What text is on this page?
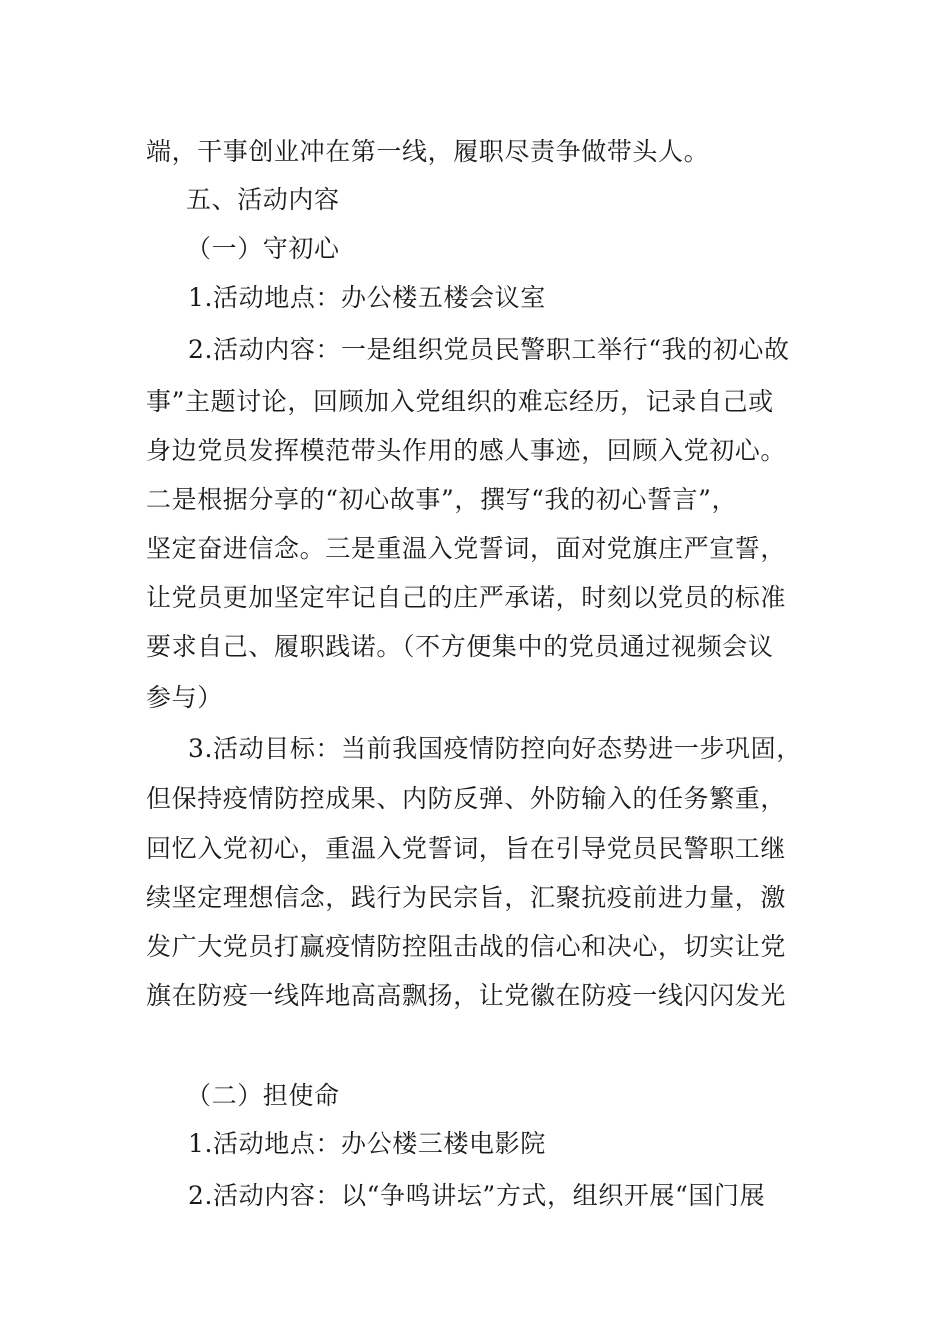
端，干事创业冲在第一线，履职尽责争做带头人。
五、活动内容
（一）守初心
1.活动地点：办公楼五楼会议室
2.活动内容：一是组织党员民警职工举行“我的初心故
事”主题讨论，回顾加入党组织的难忘经历，记录自己或
身边党员发挥模范带头作用的感人事迹，回顾入党初心。
二是根据分享的“初心故事”，撰写“我的初心誓言”，
坚定奋进信念。三是重温入党誓词，面对党旗庄严宣誓，
让党员更加坚定牢记自己的庄严承诺，时刻以党员的标准
要求自己、履职践诺。（不方便集中的党员通过视频会议
参与）
3.活动目标：当前我国疫情防控向好态势进一步巩固，
但保持疫情防控成果、内防反弹、外防输入的任务繁重，
回忆入党初心，重温入党誓词，旨在引导党员民警职工继
续坚定理想信念，践行为民宗旨，汇聚抗疫前进力量，激
发广大党员打赢疫情防控阻击战的信心和决心，切实让党
旗在防疫一线阵地高高飘扬，让党徽在防疫一线闪闪发光
（二）担使命
1.活动地点：办公楼三楼电影院
2.活动内容：以“争鸣讲坛”方式，组织开展“国门展
